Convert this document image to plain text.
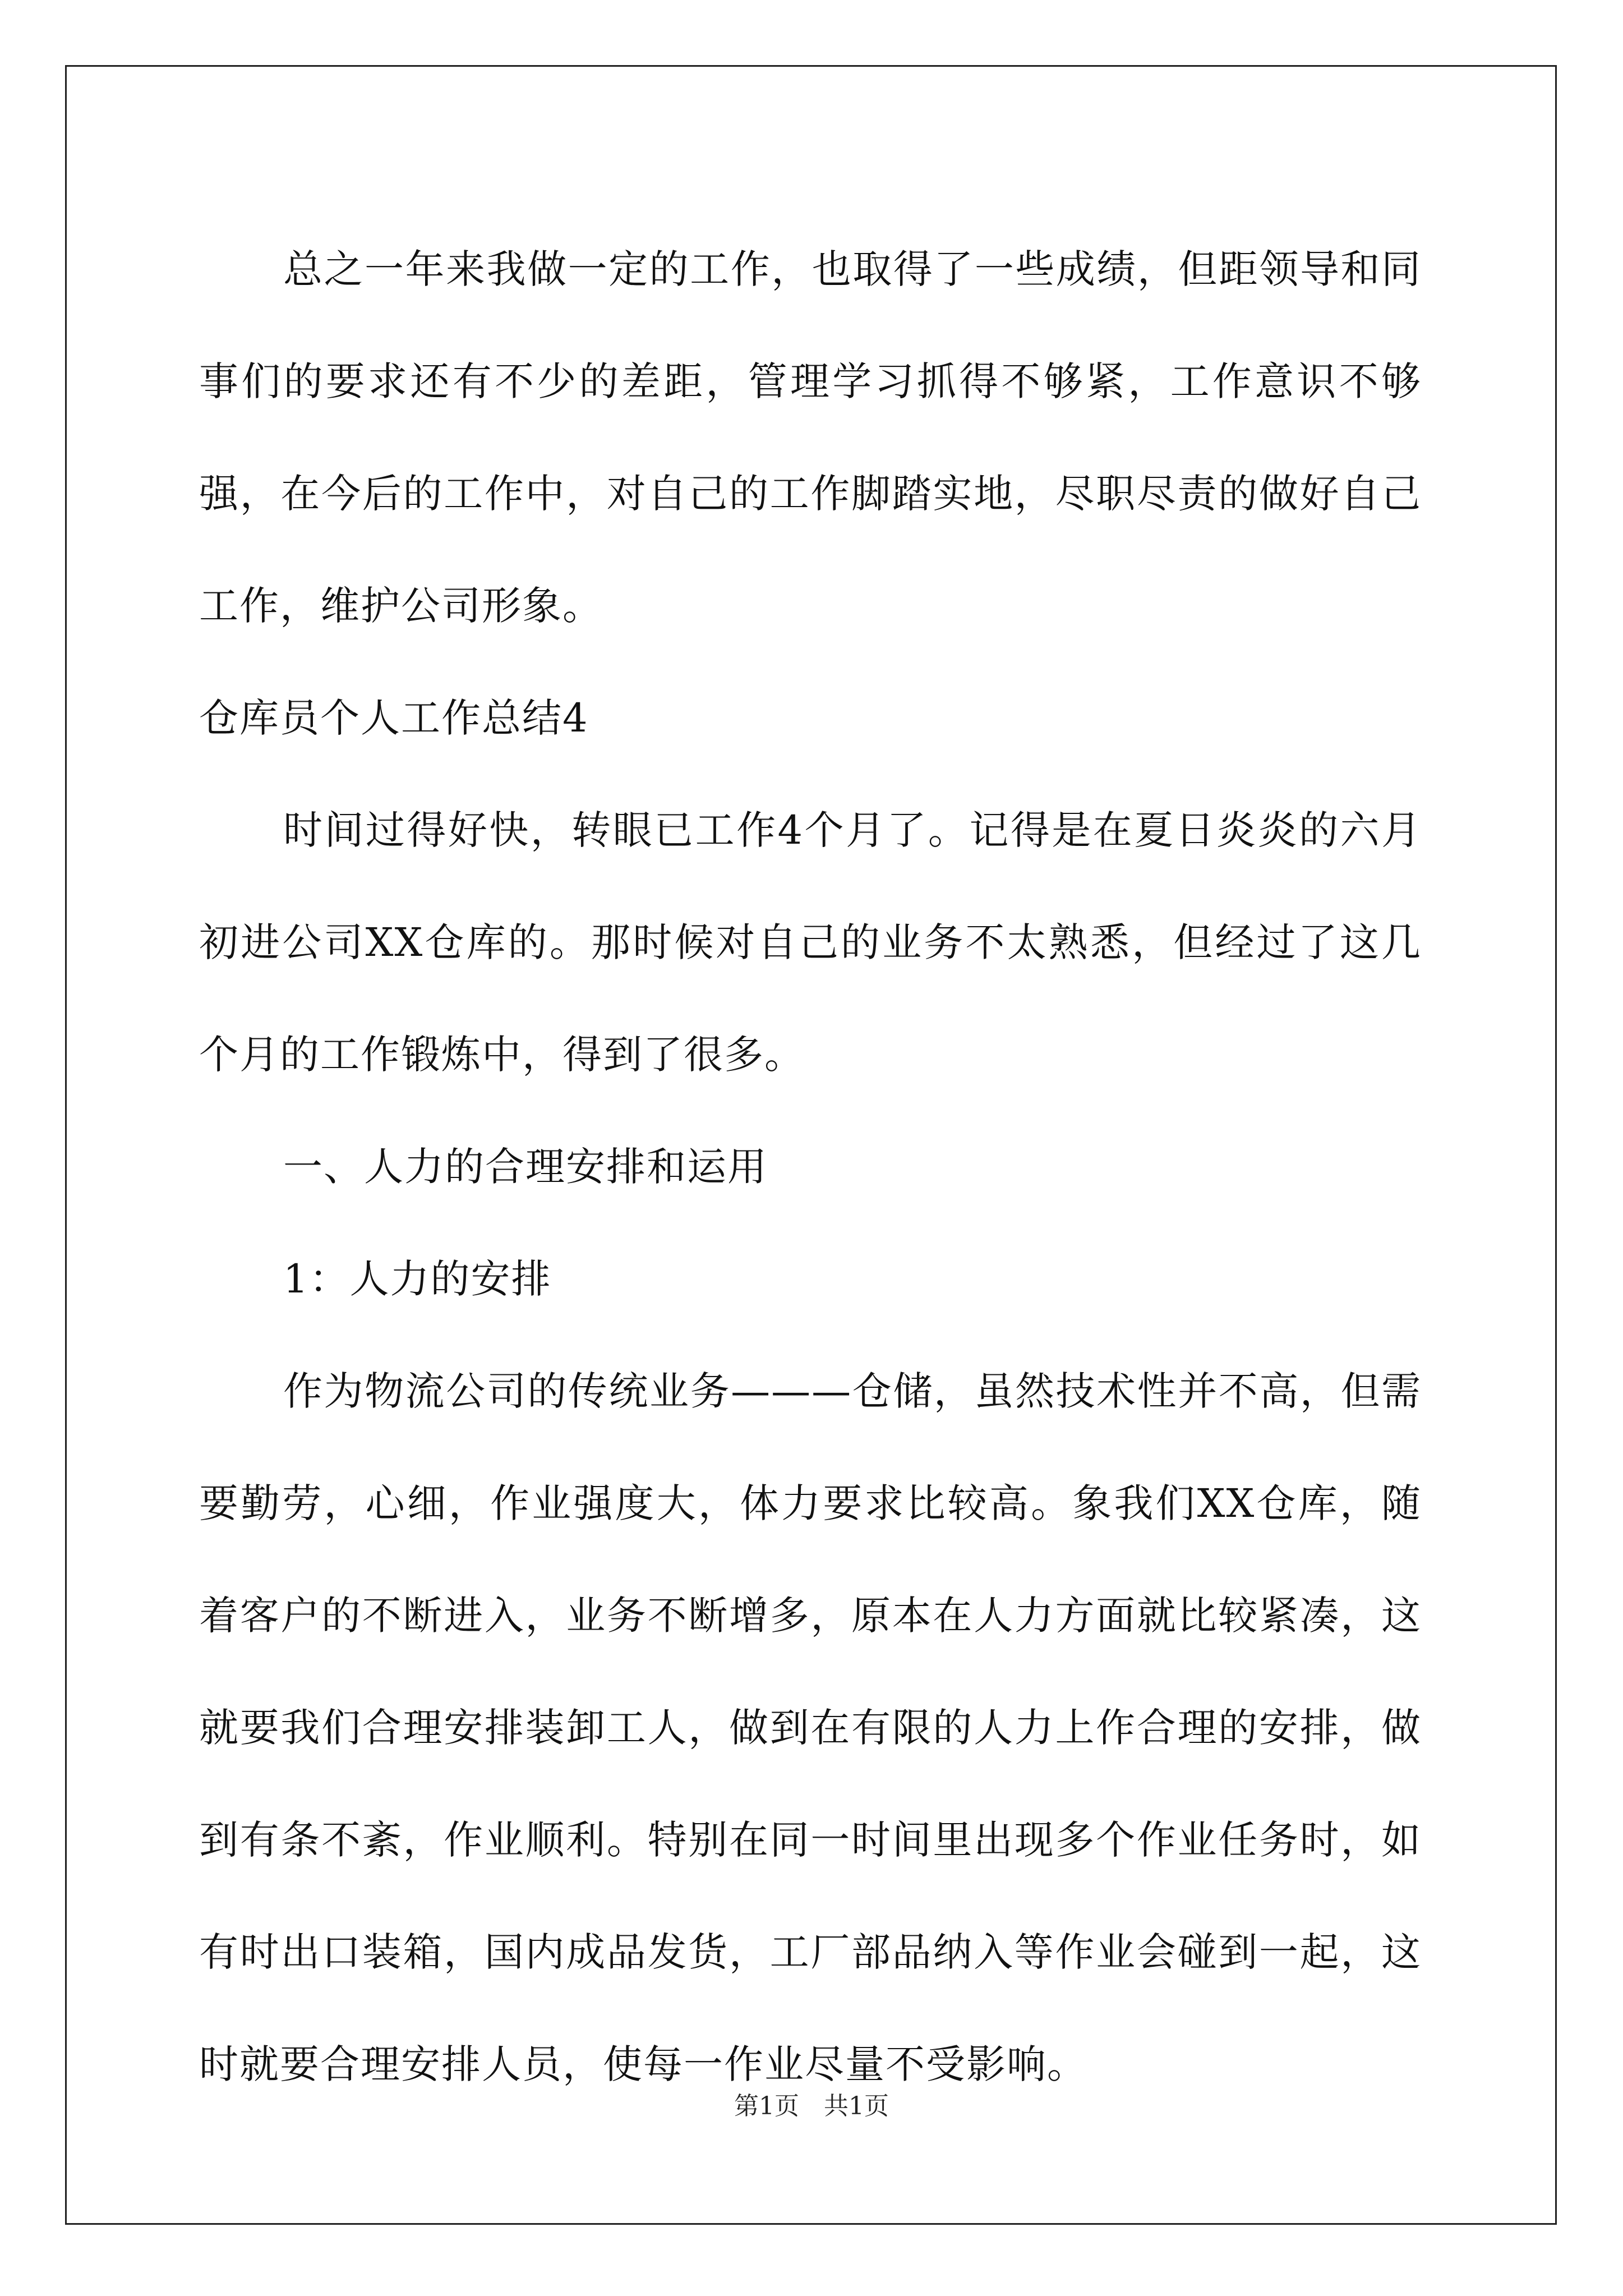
总之一年来我做一定的工作，也取得了一些成绩，但距领导和同事们的要求还有不少的差距，管理学习抓得不够紧，工作意识不够强，在今后的工作中，对自己的工作脚踏实地，尽职尽责的做好自己工作，维护公司形象。

仓库员个人工作总结4

时间过得好快，转眼已工作4个月了。记得是在夏日炎炎的六月初进公司XX仓库的。那时候对自己的业务不太熟悉，但经过了这几个月的工作锻炼中，得到了很多。

一、人力的合理安排和运用

1：人力的安排

作为物流公司的传统业务———仓储，虽然技术性并不高，但需要勤劳，心细，作业强度大，体力要求比较高。象我们XX仓库，随着客户的不断进入，业务不断增多，原本在人力方面就比较紧凑，这就要我们合理安排装卸工人，做到在有限的人力上作合理的安排，做到有条不紊，作业顺利。特别在同一时间里出现多个作业任务时，如有时出口装箱，国内成品发货，工厂部品纳入等作业会碰到一起，这时就要合理安排人员，使每一作业尽量不受影响。

第1页　共1页
